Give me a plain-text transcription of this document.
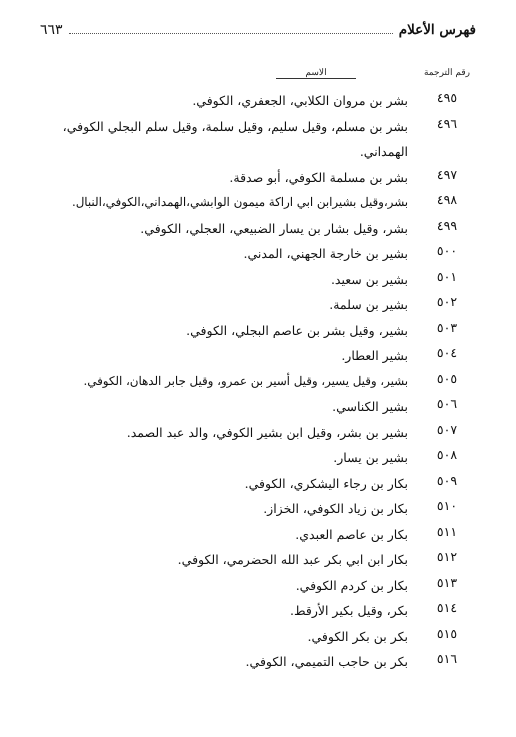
فهرس الأعلام
٦٦٣
رقم الترجمة
الاسم
٤٩٥
بشر بن مروان الكلابي، الجعفري، الكوفي.
٤٩٦
بشر بن مسلم، وقيل سليم، وقيل سلمة، وقيل سلم البجلي الكوفي، الهمداني.
٤٩٧
بشر بن مسلمة الكوفي، أبو صدقة.
٤٩٨
بشر،وقيل بشيرابن ابي اراكة ميمون الوابشي،الهمداني،الكوفي،النبال.
٤٩٩
بشر، وقيل بشار بن يسار الضبيعي، العجلي، الكوفي.
٥٠٠
بشير بن خارجة الجهني، المدني.
٥٠١
بشير بن سعيد.
٥٠٢
بشير بن سلمة.
٥٠٣
بشير، وقيل بشر بن عاصم البجلي، الكوفي.
٥٠٤
بشير العطار.
٥٠٥
بشير، وقيل يسير، وقيل أسير بن عمرو، وقيل جابر الدهان، الكوفي.
٥٠٦
بشير الكناسي.
٥٠٧
بشير بن بشر، وقيل ابن بشير الكوفي، والد عبد الصمد.
٥٠٨
بشير بن يسار.
٥٠٩
بكار بن رجاء اليشكري، الكوفي.
٥١٠
بكار بن زياد الكوفي، الخزاز.
٥١١
بكار بن عاصم العبدي.
٥١٢
بكار ابن ابي بكر عبد الله الحضرمي، الكوفي.
٥١٣
بكار بن كردم الكوفي.
٥١٤
بكر، وقيل بكير الأرقط.
٥١٥
بكر بن بكر الكوفي.
٥١٦
بكر بن حاجب التميمي، الكوفي.
